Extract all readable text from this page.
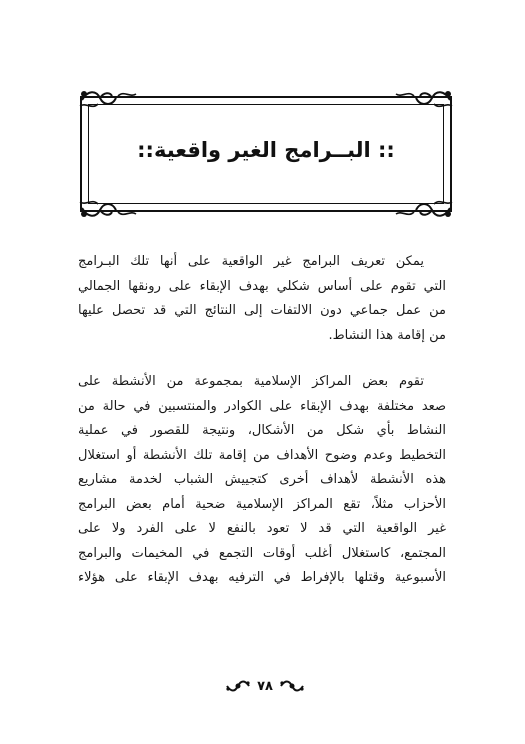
:: البــرامج الغير واقعية::
يمكن تعريف البرامج غير الواقعية على أنها تلك البـرامج
التي تقوم على أساس شكلي بهدف الإبقاء على رونقها الجمالي
من عمل جماعي دون الالتفات إلى النتائج التي قد تحصل عليها
من إقامة هذا النشاط.
تقوم بعض المراكز الإسلامية بمجموعة من الأنشطة على
صعد مختلفة بهدف الإبقاء على الكوادر والمنتسبين في حالة من
النشاط بأي شكل من الأشكال، ونتيجة للقصور في عملية
التخطيط وعدم وضوح الأهداف من إقامة تلك الأنشطة أو استغلال
هذه الأنشطة لأهداف أخرى كتجييش الشباب لخدمة مشاريع
الأحزاب مثلاً، تقع المراكز الإسلامية ضحية أمام بعض البرامج
غير الواقعية التي قد لا تعود بالنفع لا على الفرد ولا على
المجتمع، كاستغلال أغلب أوقات التجمع في المخيمات والبرامج
الأسبوعية وقتلها بالإفراط في الترفيه بهدف الإبقاء على هؤلاء
٧٨
